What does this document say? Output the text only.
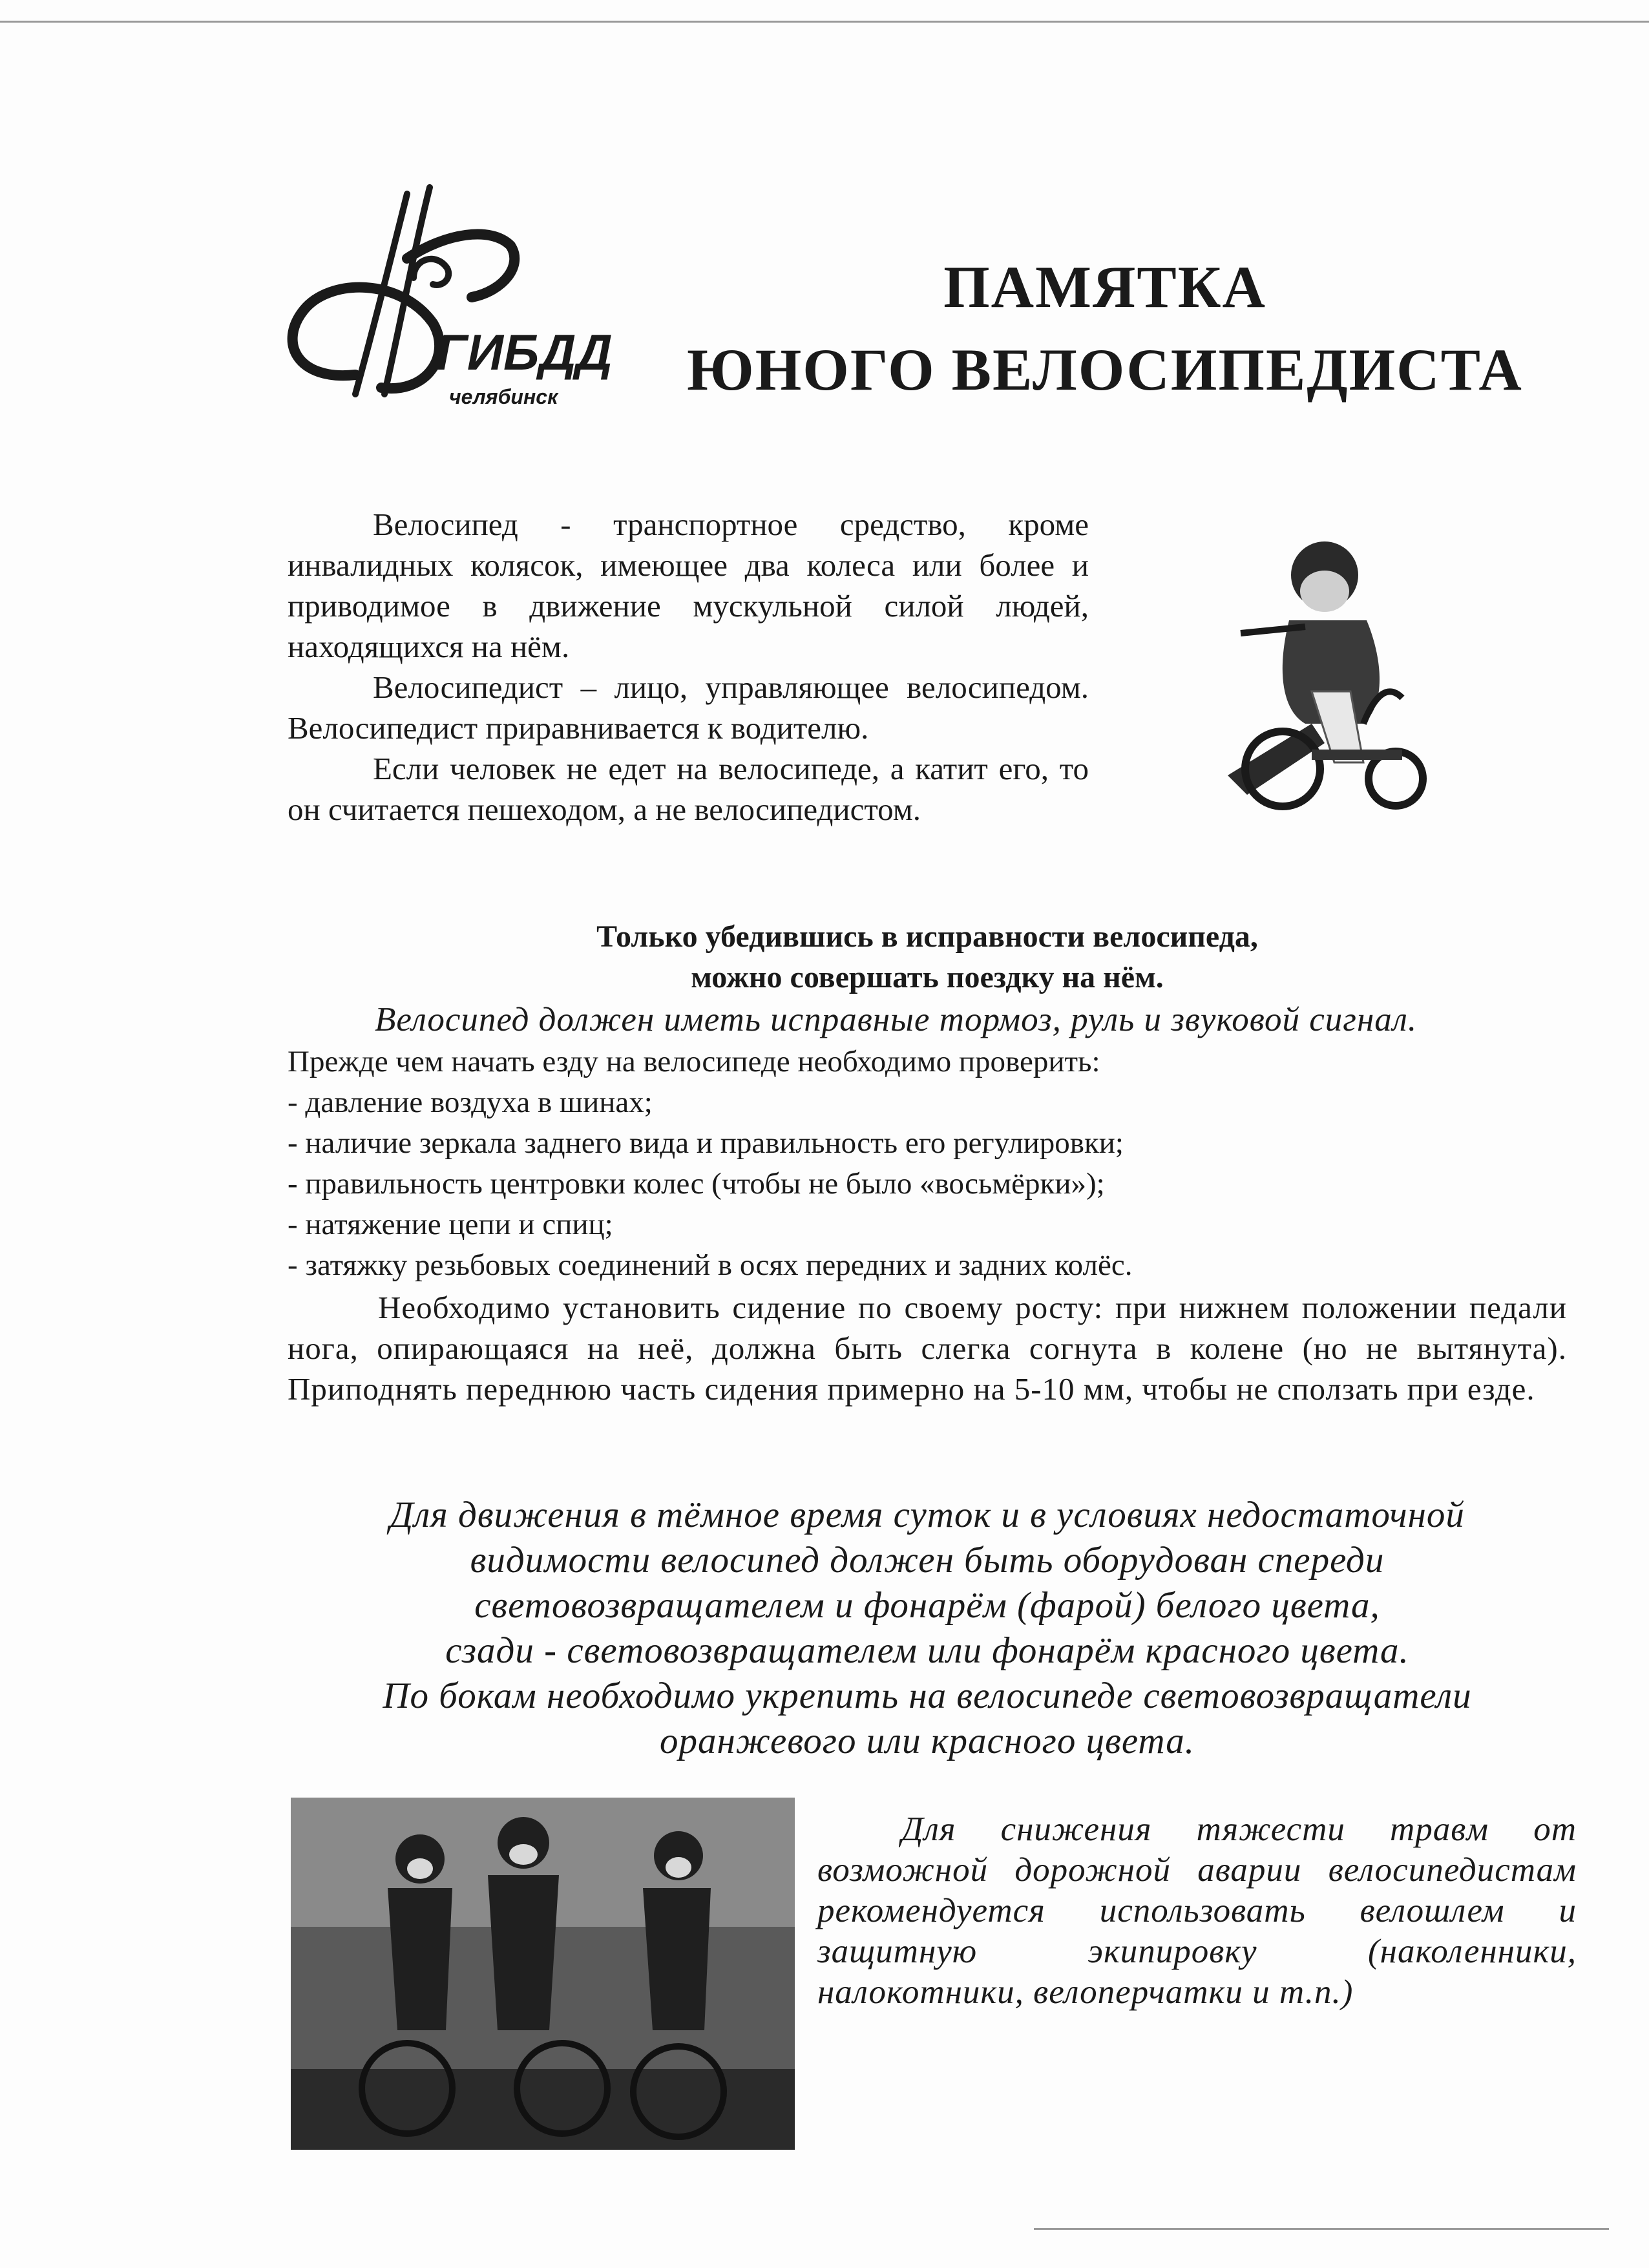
ГИБДД
челябинск
ПАМЯТКА
ЮНОГО ВЕЛОСИПЕДИСТА

Велосипед - транспортное средство, кроме инвалидных колясок, имеющее два колеса или более и приводимое в движение мускульной силой людей, находящихся на нём.

Велосипедист – лицо, управляющее велосипедом. Велосипедист приравнивается к водителю.

Если человек не едет на велосипеде, а катит его, то он считается пешеходом, а не велосипедистом.

Только убедившись в исправности велосипеда,
можно совершать поездку на нём.
Велосипед должен иметь исправные тормоз, руль и звуковой сигнал.
Прежде чем начать езду на велосипеде необходимо проверить:
- давление воздуха в шинах;
- наличие зеркала заднего вида и правильность его регулировки;
- правильность центровки колес (чтобы не было «восьмёрки»);
- натяжение цепи и спиц;
- затяжку резьбовых соединений в осях передних и задних колёс.

Необходимо установить сидение по своему росту: при нижнем положении педали нога, опирающаяся на неё, должна быть слегка согнута в колене (но не вытянута). Приподнять переднюю часть сидения примерно на 5-10 мм, чтобы не сползать при езде.

Для движения в тёмное время суток и в условиях недостаточной
видимости велосипед должен быть оборудован спереди
световозвращателем и фонарём (фарой) белого цвета,
сзади - световозвращателем или фонарём красного цвета.
По бокам необходимо укрепить на велосипеде световозвращатели
оранжевого или красного цвета.

Для снижения тяжести травм от возможной дорожной аварии велосипедистам рекомендуется использовать велошлем и защитную экипировку (наколенники, налокотники, велоперчатки и т.п.)
